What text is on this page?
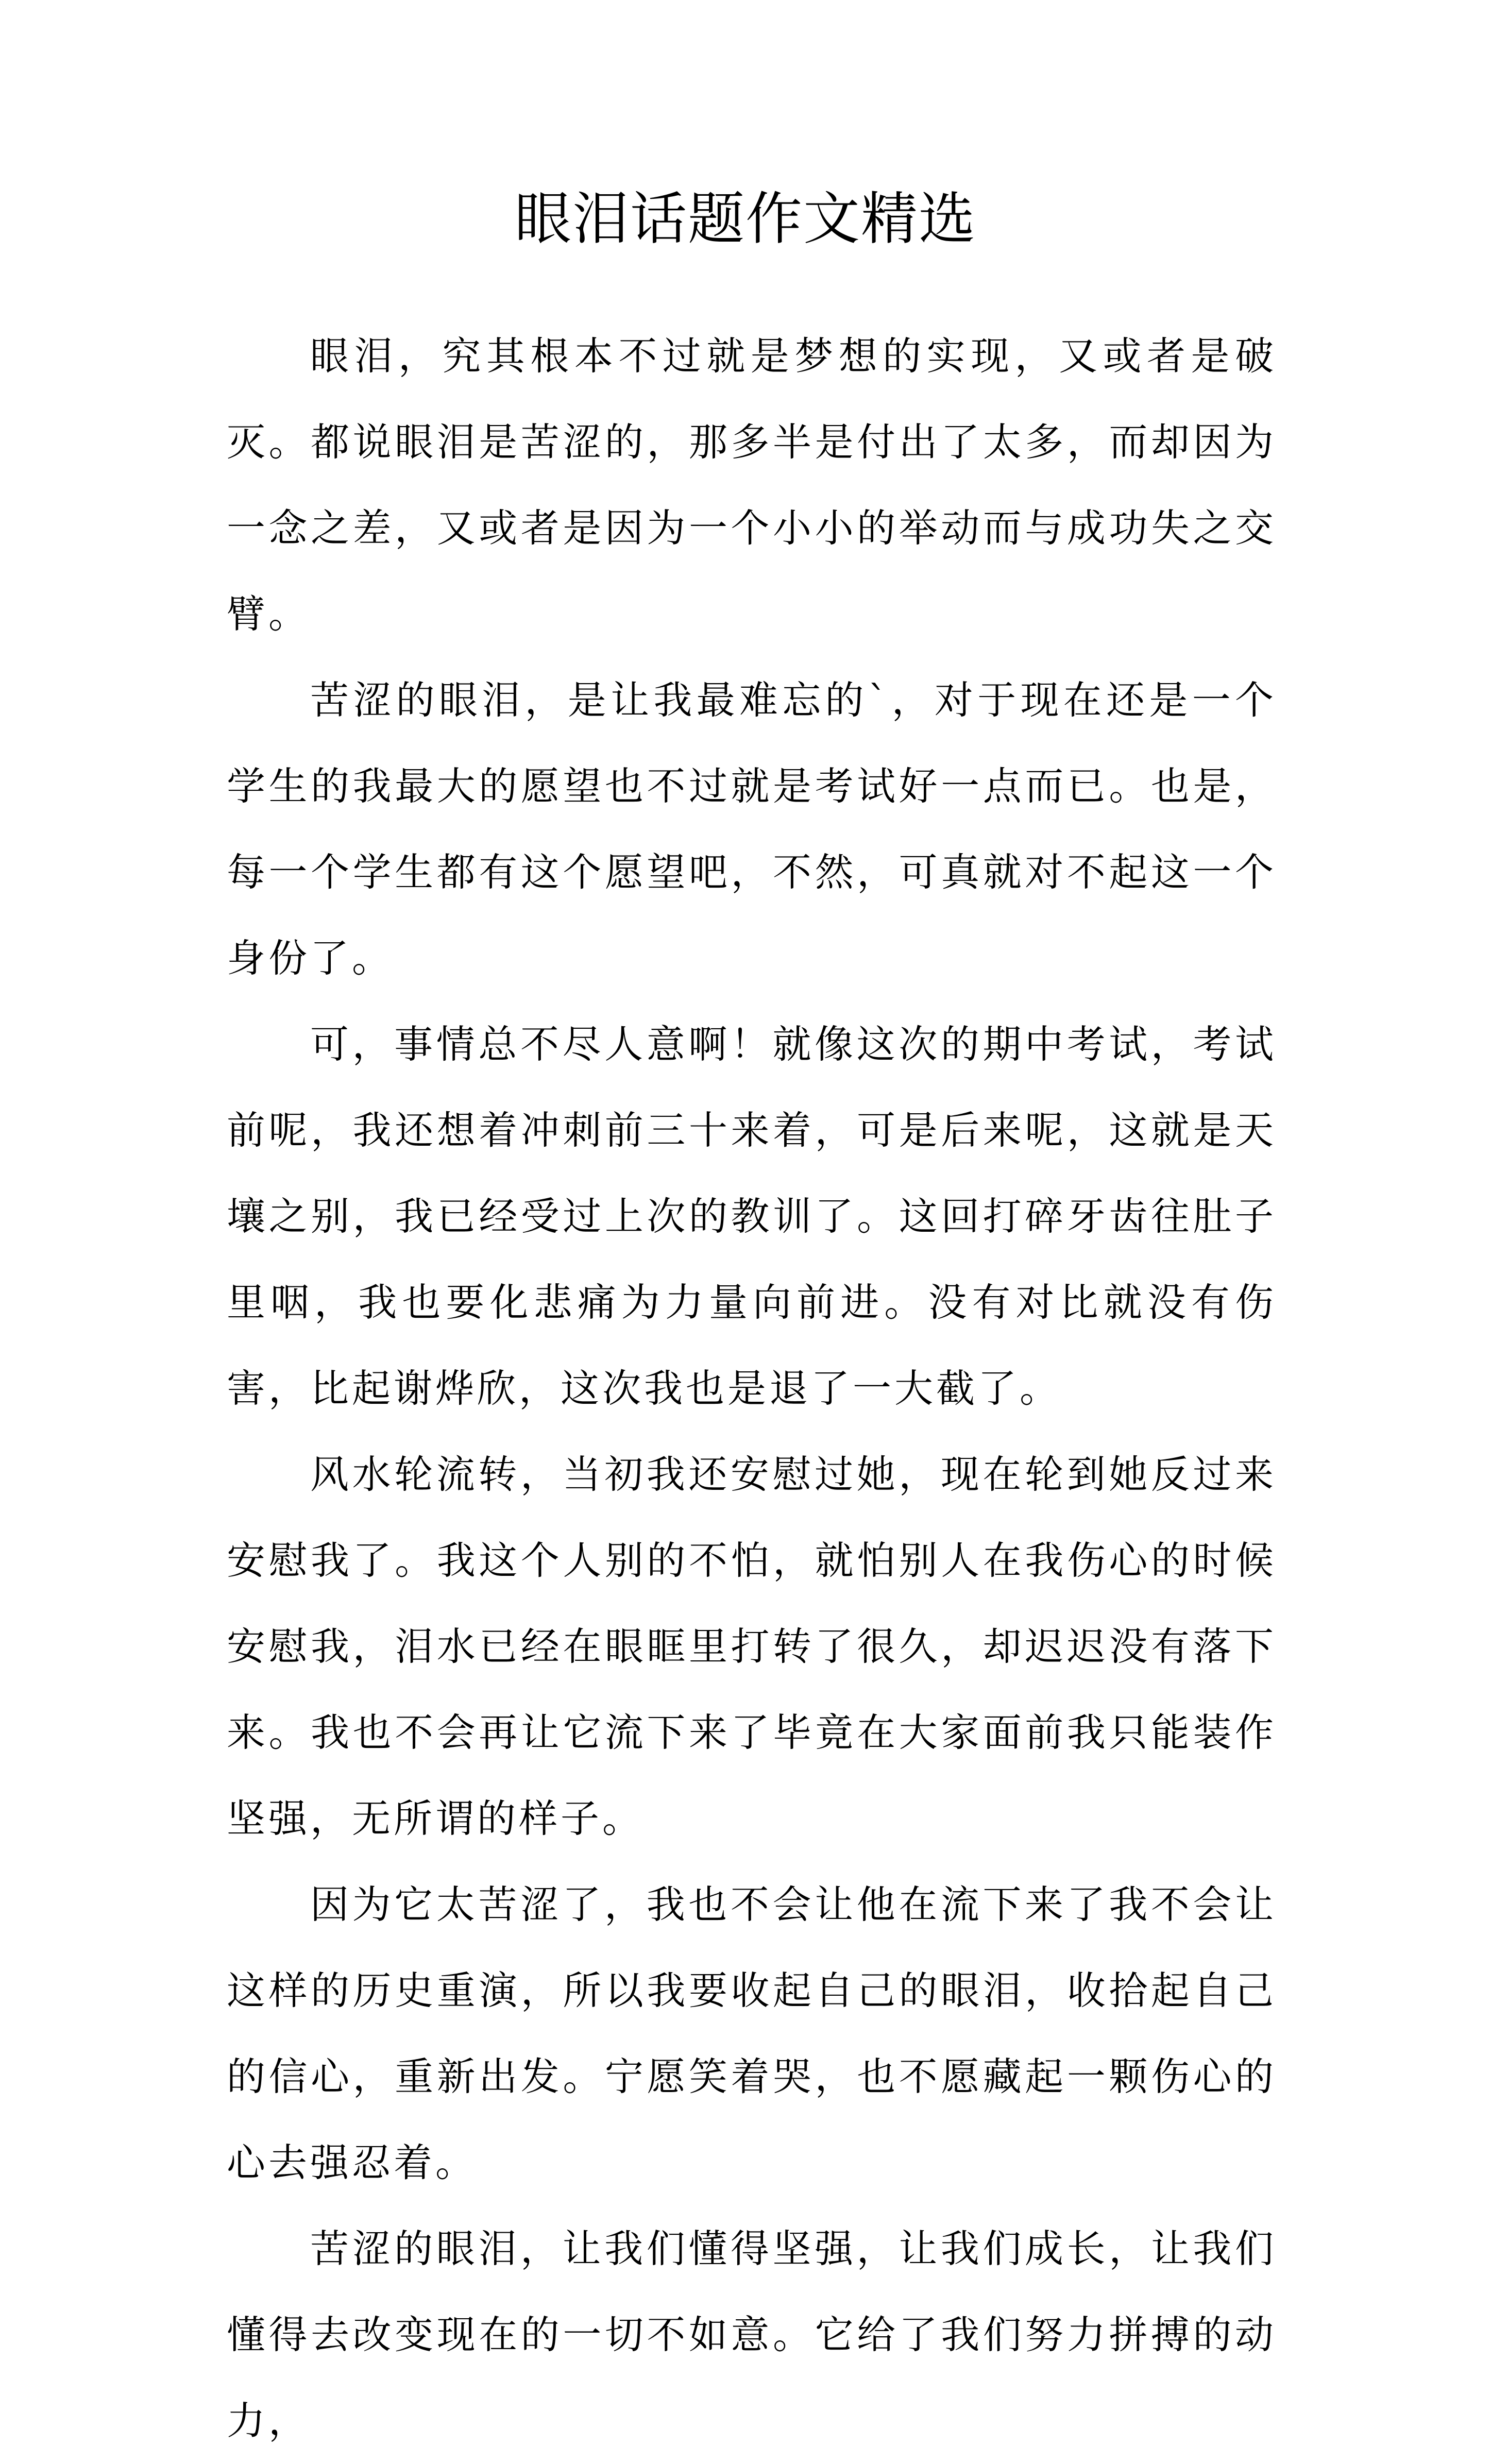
眼泪话题作文精选

眼泪，究其根本不过就是梦想的实现，又或者是破灭。都说眼泪是苦涩的，那多半是付出了太多，而却因为一念之差，又或者是因为一个小小的举动而与成功失之交臂。

苦涩的眼泪，是让我最难忘的`，对于现在还是一个学生的我最大的愿望也不过就是考试好一点而已。也是，每一个学生都有这个愿望吧，不然，可真就对不起这一个身份了。

可，事情总不尽人意啊！就像这次的期中考试，考试前呢，我还想着冲刺前三十来着，可是后来呢，这就是天壤之别，我已经受过上次的教训了。这回打碎牙齿往肚子里咽，我也要化悲痛为力量向前进。没有对比就没有伤害，比起谢烨欣，这次我也是退了一大截了。

风水轮流转，当初我还安慰过她，现在轮到她反过来安慰我了。我这个人别的不怕，就怕别人在我伤心的时候安慰我，泪水已经在眼眶里打转了很久，却迟迟没有落下来。我也不会再让它流下来了毕竟在大家面前我只能装作坚强，无所谓的样子。

因为它太苦涩了，我也不会让他在流下来了我不会让这样的历史重演，所以我要收起自己的眼泪，收拾起自己的信心，重新出发。宁愿笑着哭，也不愿藏起一颗伤心的心去强忍着。

苦涩的眼泪，让我们懂得坚强，让我们成长，让我们懂得去改变现在的一切不如意。它给了我们努力拼搏的动力，
